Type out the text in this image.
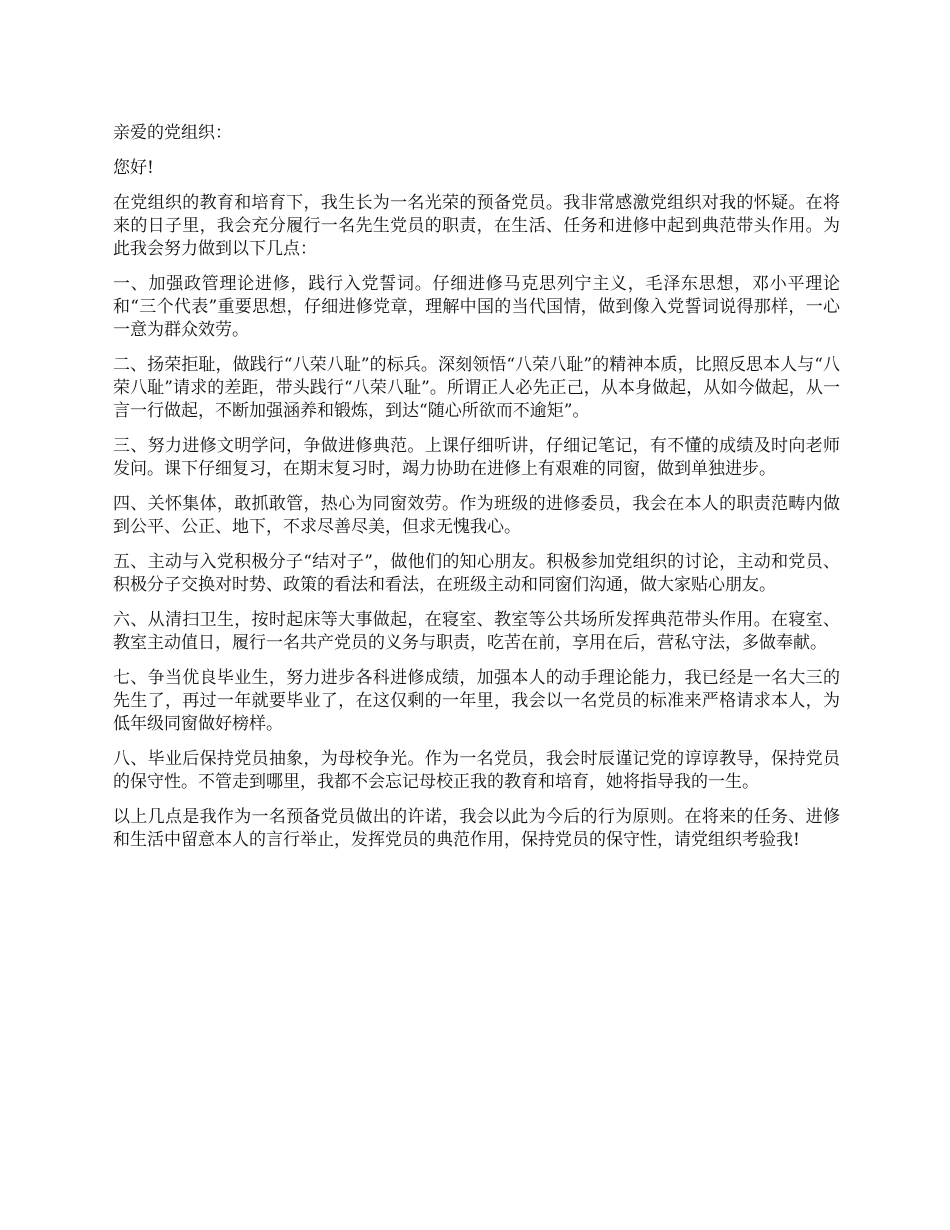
亲爱的党组织：

您好!

在党组织的教育和培育下，我生长为一名光荣的预备党员。我非常感激党组织对我的怀疑。在将来的日子里，我会充分履行一名先生党员的职责，在生活、任务和进修中起到典范带头作用。为此我会努力做到以下几点：

一、加强政管理论进修，践行入党誓词。仔细进修马克思列宁主义，毛泽东思想，邓小平理论和“三个代表”重要思想，仔细进修党章，理解中国的当代国情，做到像入党誓词说得那样，一心一意为群众效劳。

二、扬荣拒耻，做践行“八荣八耻”的标兵。深刻领悟“八荣八耻”的精神本质，比照反思本人与“八荣八耻”请求的差距，带头践行“八荣八耻”。所谓正人必先正己，从本身做起，从如今做起，从一言一行做起，不断加强涵养和锻炼，到达“随心所欲而不逾矩”。

三、努力进修文明学问，争做进修典范。上课仔细听讲，仔细记笔记，有不懂的成绩及时向老师发问。课下仔细复习，在期末复习时，竭力协助在进修上有艰难的同窗，做到单独进步。

四、关怀集体，敢抓敢管，热心为同窗效劳。作为班级的进修委员，我会在本人的职责范畴内做到公平、公正、地下，不求尽善尽美，但求无愧我心。

五、主动与入党积极分子“结对子”，做他们的知心朋友。积极参加党组织的讨论，主动和党员、积极分子交换对时势、政策的看法和看法，在班级主动和同窗们沟通，做大家贴心朋友。

六、从清扫卫生，按时起床等大事做起，在寝室、教室等公共场所发挥典范带头作用。在寝室、教室主动值日，履行一名共产党员的义务与职责，吃苦在前，享用在后，营私守法，多做奉献。

七、争当优良毕业生，努力进步各科进修成绩，加强本人的动手理论能力，我已经是一名大三的先生了，再过一年就要毕业了，在这仅剩的一年里，我会以一名党员的标准来严格请求本人，为低年级同窗做好榜样。

八、毕业后保持党员抽象，为母校争光。作为一名党员，我会时辰谨记党的谆谆教导，保持党员的保守性。不管走到哪里，我都不会忘记母校正我的教育和培育，她将指导我的一生。

以上几点是我作为一名预备党员做出的许诺，我会以此为今后的行为原则。在将来的任务、进修和生活中留意本人的言行举止，发挥党员的典范作用，保持党员的保守性，请党组织考验我!
